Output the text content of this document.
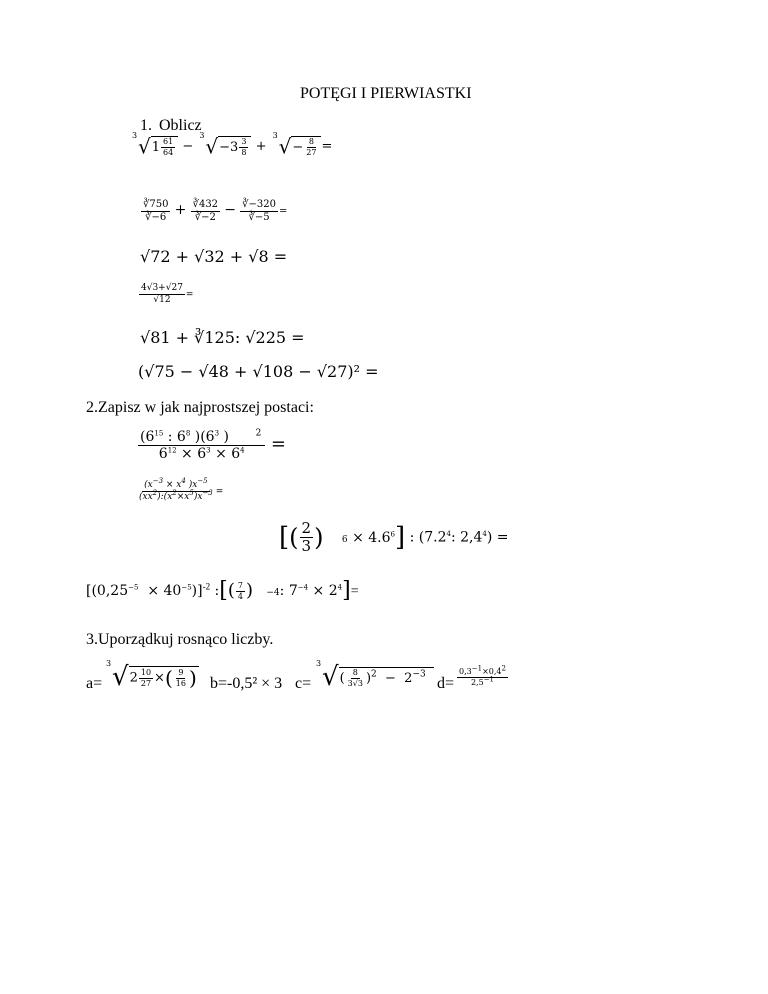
POTĘGI I PIERWIASTKI
1. Oblicz
3 $√1 \frac{61}{64}$ −
3 $√-3 \frac{3}{8}$ +
3 √− $\frac{8}{27}$ =
$\frac{∛750}{∛-6} + \frac{∛432}{∛-2} - \frac{∛-320}{∛-5}$ =
√72 + √32 + √8 =
$\frac{4√3+√27}{√12}$ =
√81 + ∛125: √225 =
(√75 − √48 + √108 − √27)² =
2.Zapisz w jak najprostszej postaci:
$\frac{(6^{15} : 6^8 )(6^3 ) ^2}{6^{12} \times 6^3 \times 6^4}$ =
$\frac{(x^{-3} \times x^4 )x^{-5}}{(xx^2):(x^2\times x^5)x^{-3}}$ =
[( $\frac{2}{3}$ ) $6 \times 4.6^6$] : ($7.2^4$: $2,4^4$) =
$[(0,25^{-5} \times 40^{-5})]^{-2}$ :[( $\frac{7}{4}$ ) −4: $7^{-4} \times 2^4]=$
3.Uporządkuj rosnąco liczby.
a=
3 $√2 \frac{10}{27}$ ×( $\frac{9}{16}$ ) b=-0,5² × 3 c=
3 √( $\frac{8}{3√3} )^2 - 2^{-3}$
$d= \frac{0,3^{-1}\times 0,4^2}{2,5^{-1}}$
